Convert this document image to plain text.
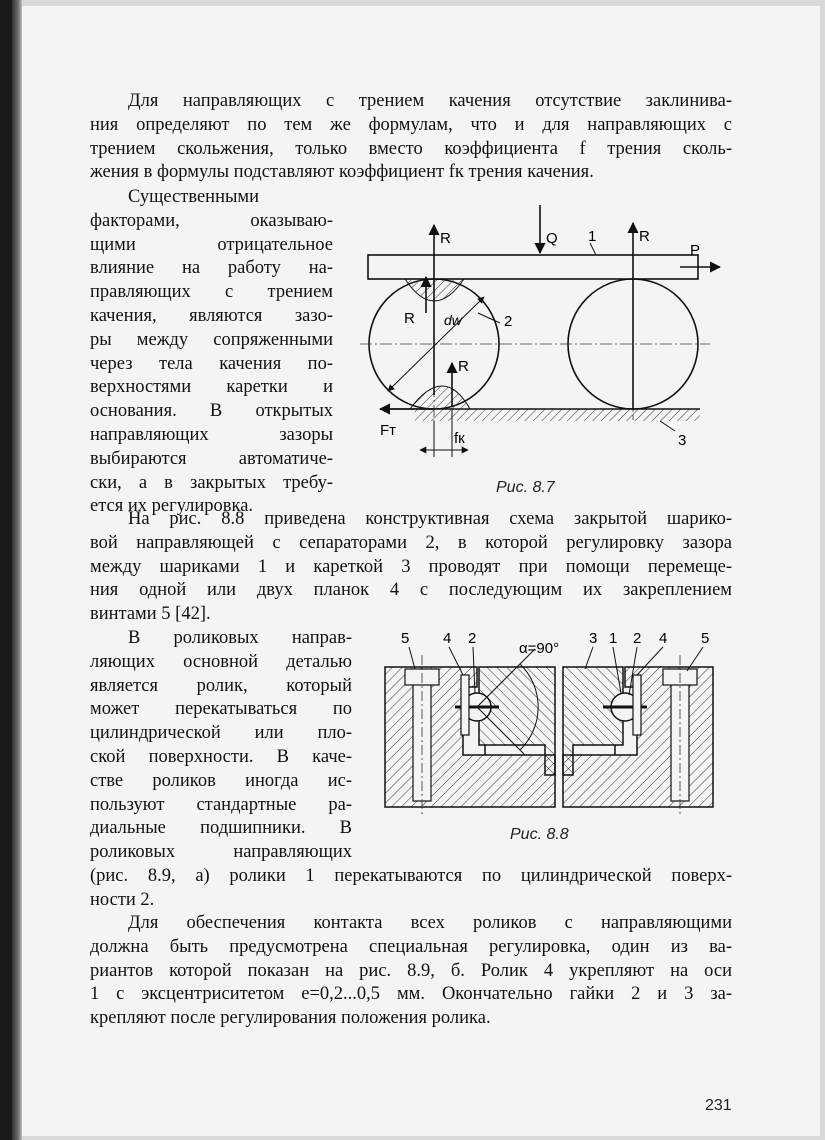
Для направляющих с трением качения отсутствие заклинива-
ния определяют по тем же формулам, что и для направляющих с
трением скольжения, только вместо коэффициента f трения сколь-
жения в формулы подставляют коэффициент fк трения качения.
Существенными
факторами, оказываю-
щими отрицательное
влияние на работу на-
правляющих с трением
качения, являются зазо-
ры между сопряженными
через тела качения по-
верхностями каретки и
основания. В открытых
направляющих зазоры
выбираются автоматиче-
ски, а в закрытых требу-
ется их регулировка.
R	Q 1	R
P
R dw	2
R
Fт	fк	3
Рис. 8.7
На рис. 8.8 приведена конструктивная схема закрытой шарико-
вой направляющей с сепараторами 2, в которой регулировку зазора
между шариками 1 и кареткой 3 проводят при помощи перемеще-
ния одной или двух планок 4 с последующим их закреплением
винтами 5 [42].
В роликовых направ-
ляющих основной деталью
является ролик, который
может перекатываться по
цилиндрической или пло-
ской поверхности. В каче-
стве роликов иногда ис-
пользуют стандартные ра-
диальные подшипники. В
роликовых направляющих
(рис. 8.9, а) ролики 1 перекатываются по цилиндрической поверх-
ности 2.
5 4 2
α=90°
3 1 2 4 5
Рис. 8.8
Для обеспечения контакта всех роликов с направляющими
должна быть предусмотрена специальная регулировка, один из ва-
риантов которой показан на рис. 8.9, б. Ролик 4 укрепляют на оси
1 с эксцентриситетом e=0,2...0,5 мм. Окончательно гайки 2 и 3 за-
крепляют после регулирования положения ролика.
231
